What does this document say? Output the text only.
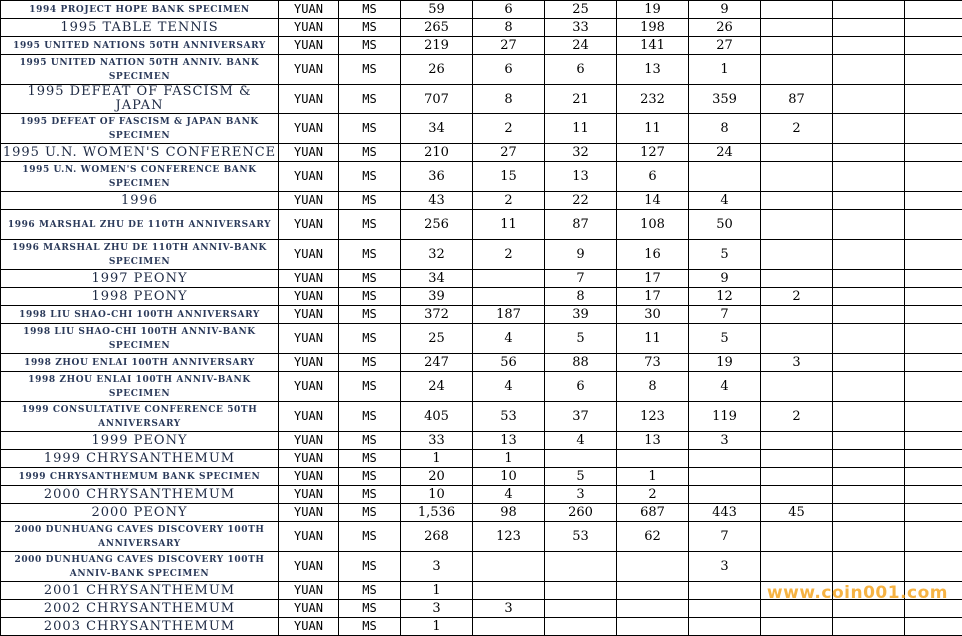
1994 PROJECT HOPE BANK SPECIMEN	YUAN	MS	59	6	25	19	9			
1995 TABLE TENNIS	YUAN	MS	265	8	33	198	26			
1995 UNITED NATIONS 50TH ANNIVERSARY	YUAN	MS	219	27	24	141	27			
1995 UNITED NATION 50TH ANNIV. BANK SPECIMEN	YUAN	MS	26	6	6	13	1			
1995 DEFEAT OF FASCISM & JAPAN	YUAN	MS	707	8	21	232	359	87		
1995 DEFEAT OF FASCISM & JAPAN BANK SPECIMEN	YUAN	MS	34	2	11	11	8	2		
1995 U.N. WOMEN'S CONFERENCE	YUAN	MS	210	27	32	127	24			
1995 U.N. WOMEN'S CONFERENCE BANK SPECIMEN	YUAN	MS	36	15	13	6				
1996	YUAN	MS	43	2	22	14	4			
1996 MARSHAL ZHU DE 110TH ANNIVERSARY	YUAN	MS	256	11	87	108	50			
1996 MARSHAL ZHU DE 110TH ANNIV-BANK SPECIMEN	YUAN	MS	32	2	9	16	5			
1997 PEONY	YUAN	MS	34		7	17	9			
1998 PEONY	YUAN	MS	39		8	17	12	2		
1998 LIU SHAO-CHI 100TH ANNIVERSARY	YUAN	MS	372	187	39	30	7			
1998 LIU SHAO-CHI 100TH ANNIV-BANK SPECIMEN	YUAN	MS	25	4	5	11	5			
1998 ZHOU ENLAI 100TH ANNIVERSARY	YUAN	MS	247	56	88	73	19	3		
1998 ZHOU ENLAI 100TH ANNIV-BANK SPECIMEN	YUAN	MS	24	4	6	8	4			
1999 CONSULTATIVE CONFERENCE 50TH ANNIVERSARY	YUAN	MS	405	53	37	123	119	2		
1999 PEONY	YUAN	MS	33	13	4	13	3			
1999 CHRYSANTHEMUM	YUAN	MS	1	1						
1999 CHRYSANTHEMUM BANK SPECIMEN	YUAN	MS	20	10	5	1				
2000 CHRYSANTHEMUM	YUAN	MS	10	4	3	2				
2000 PEONY	YUAN	MS	1,536	98	260	687	443	45		
2000 DUNHUANG CAVES DISCOVERY 100TH ANNIVERSARY	YUAN	MS	268	123	53	62	7			
2000 DUNHUANG CAVES DISCOVERY 100TH ANNIV-BANK SPECIMEN	YUAN	MS	3				3			
2001 CHRYSANTHEMUM	YUAN	MS	1							
2002 CHRYSANTHEMUM	YUAN	MS	3	3						
2003 CHRYSANTHEMUM	YUAN	MS	1							
www.coin001.com
